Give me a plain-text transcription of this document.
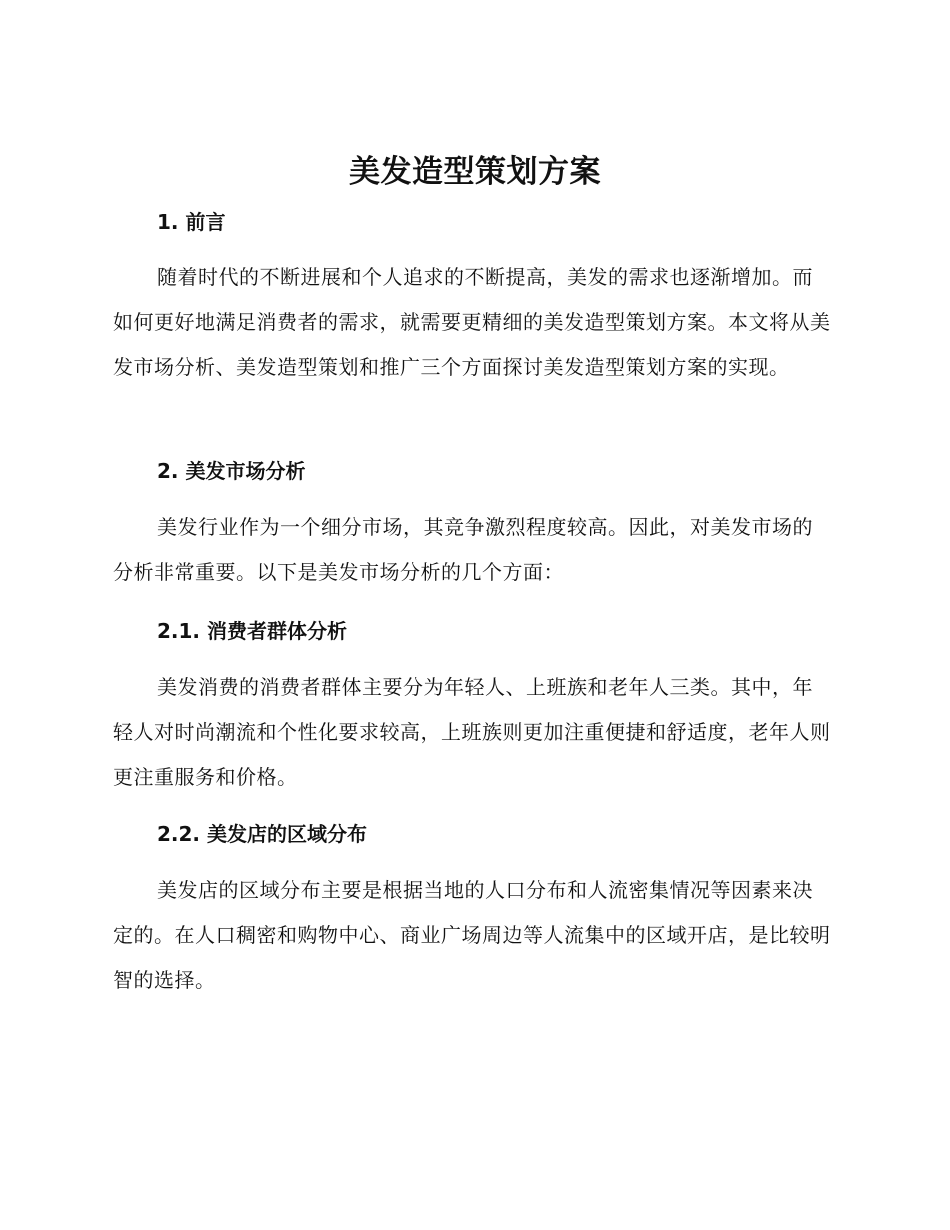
美发造型策划方案
1. 前言
随着时代的不断进展和个人追求的不断提高，美发的需求也逐渐增加。而如何更好地满足消费者的需求，就需要更精细的美发造型策划方案。本文将从美发市场分析、美发造型策划和推广三个方面探讨美发造型策划方案的实现。
2. 美发市场分析
美发行业作为一个细分市场，其竞争激烈程度较高。因此，对美发市场的分析非常重要。以下是美发市场分析的几个方面：
2.1. 消费者群体分析
美发消费的消费者群体主要分为年轻人、上班族和老年人三类。其中，年轻人对时尚潮流和个性化要求较高，上班族则更加注重便捷和舒适度，老年人则更注重服务和价格。
2.2. 美发店的区域分布
美发店的区域分布主要是根据当地的人口分布和人流密集情况等因素来决定的。在人口稠密和购物中心、商业广场周边等人流集中的区域开店，是比较明智的选择。
